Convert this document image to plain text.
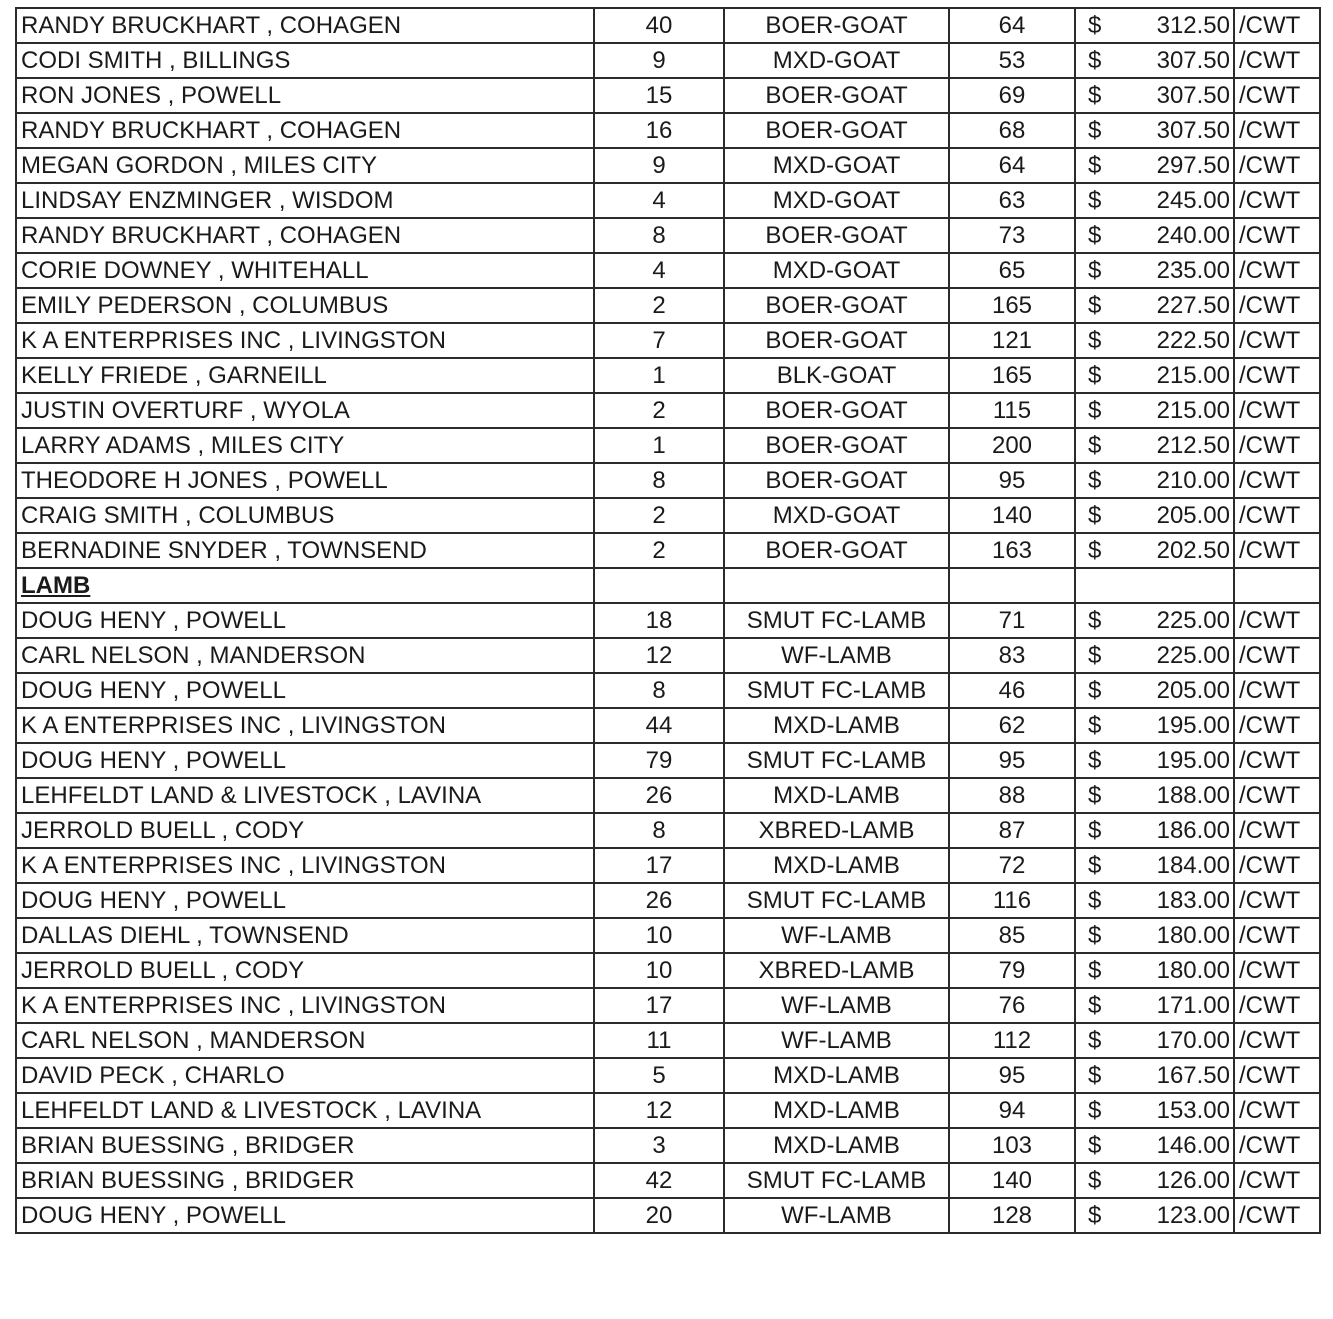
RANDY BRUCKHART , COHAGEN	40	BOER-GOAT	64	$ 312.50	/CWT
CODI SMITH , BILLINGS	9	MXD-GOAT	53	$ 307.50	/CWT
RON JONES , POWELL	15	BOER-GOAT	69	$ 307.50	/CWT
RANDY BRUCKHART , COHAGEN	16	BOER-GOAT	68	$ 307.50	/CWT
MEGAN GORDON , MILES CITY	9	MXD-GOAT	64	$ 297.50	/CWT
LINDSAY ENZMINGER , WISDOM	4	MXD-GOAT	63	$ 245.00	/CWT
RANDY BRUCKHART , COHAGEN	8	BOER-GOAT	73	$ 240.00	/CWT
CORIE DOWNEY , WHITEHALL	4	MXD-GOAT	65	$ 235.00	/CWT
EMILY PEDERSON , COLUMBUS	2	BOER-GOAT	165	$ 227.50	/CWT
K A ENTERPRISES INC , LIVINGSTON	7	BOER-GOAT	121	$ 222.50	/CWT
KELLY FRIEDE , GARNEILL	1	BLK-GOAT	165	$ 215.00	/CWT
JUSTIN OVERTURF , WYOLA	2	BOER-GOAT	115	$ 215.00	/CWT
LARRY ADAMS , MILES CITY	1	BOER-GOAT	200	$ 212.50	/CWT
THEODORE H JONES , POWELL	8	BOER-GOAT	95	$ 210.00	/CWT
CRAIG SMITH , COLUMBUS	2	MXD-GOAT	140	$ 205.00	/CWT
BERNADINE SNYDER , TOWNSEND	2	BOER-GOAT	163	$ 202.50	/CWT
LAMB					
DOUG HENY , POWELL	18	SMUT FC-LAMB	71	$ 225.00	/CWT
CARL NELSON , MANDERSON	12	WF-LAMB	83	$ 225.00	/CWT
DOUG HENY , POWELL	8	SMUT FC-LAMB	46	$ 205.00	/CWT
K A ENTERPRISES INC , LIVINGSTON	44	MXD-LAMB	62	$ 195.00	/CWT
DOUG HENY , POWELL	79	SMUT FC-LAMB	95	$ 195.00	/CWT
LEHFELDT LAND & LIVESTOCK , LAVINA	26	MXD-LAMB	88	$ 188.00	/CWT
JERROLD BUELL , CODY	8	XBRED-LAMB	87	$ 186.00	/CWT
K A ENTERPRISES INC , LIVINGSTON	17	MXD-LAMB	72	$ 184.00	/CWT
DOUG HENY , POWELL	26	SMUT FC-LAMB	116	$ 183.00	/CWT
DALLAS DIEHL , TOWNSEND	10	WF-LAMB	85	$ 180.00	/CWT
JERROLD BUELL , CODY	10	XBRED-LAMB	79	$ 180.00	/CWT
K A ENTERPRISES INC , LIVINGSTON	17	WF-LAMB	76	$ 171.00	/CWT
CARL NELSON , MANDERSON	11	WF-LAMB	112	$ 170.00	/CWT
DAVID PECK , CHARLO	5	MXD-LAMB	95	$ 167.50	/CWT
LEHFELDT LAND & LIVESTOCK , LAVINA	12	MXD-LAMB	94	$ 153.00	/CWT
BRIAN BUESSING , BRIDGER	3	MXD-LAMB	103	$ 146.00	/CWT
BRIAN BUESSING , BRIDGER	42	SMUT FC-LAMB	140	$ 126.00	/CWT
DOUG HENY , POWELL	20	WF-LAMB	128	$ 123.00	/CWT
